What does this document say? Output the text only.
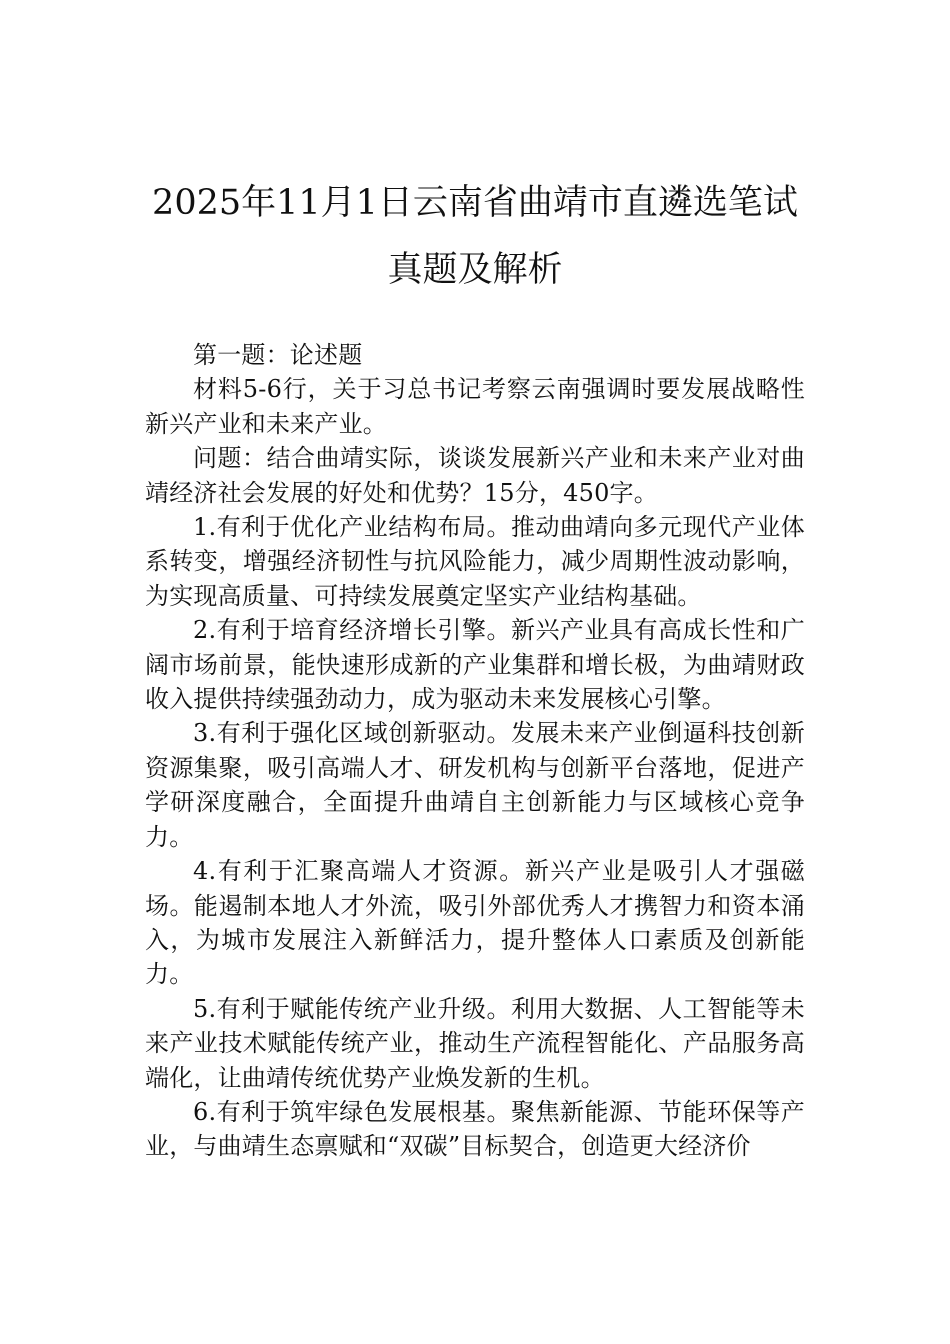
2025年11月1日云南省曲靖市直遴选笔试
真题及解析

第一题：论述题

材料5-6行，关于习总书记考察云南强调时要发展战略性新兴产业和未来产业。

问题：结合曲靖实际，谈谈发展新兴产业和未来产业对曲靖经济社会发展的好处和优势？15分，450字。

1.有利于优化产业结构布局。推动曲靖向多元现代产业体系转变，增强经济韧性与抗风险能力，减少周期性波动影响，为实现高质量、可持续发展奠定坚实产业结构基础。

2.有利于培育经济增长引擎。新兴产业具有高成长性和广阔市场前景，能快速形成新的产业集群和增长极，为曲靖财政收入提供持续强劲动力，成为驱动未来发展核心引擎。

3.有利于强化区域创新驱动。发展未来产业倒逼科技创新资源集聚，吸引高端人才、研发机构与创新平台落地，促进产学研深度融合，全面提升曲靖自主创新能力与区域核心竞争力。

4.有利于汇聚高端人才资源。新兴产业是吸引人才强磁场。能遏制本地人才外流，吸引外部优秀人才携智力和资本涌入，为城市发展注入新鲜活力，提升整体人口素质及创新能力。

5.有利于赋能传统产业升级。利用大数据、人工智能等未来产业技术赋能传统产业，推动生产流程智能化、产品服务高端化，让曲靖传统优势产业焕发新的生机。

6.有利于筑牢绿色发展根基。聚焦新能源、节能环保等产业，与曲靖生态禀赋和“双碳”目标契合，创造更大经济价
